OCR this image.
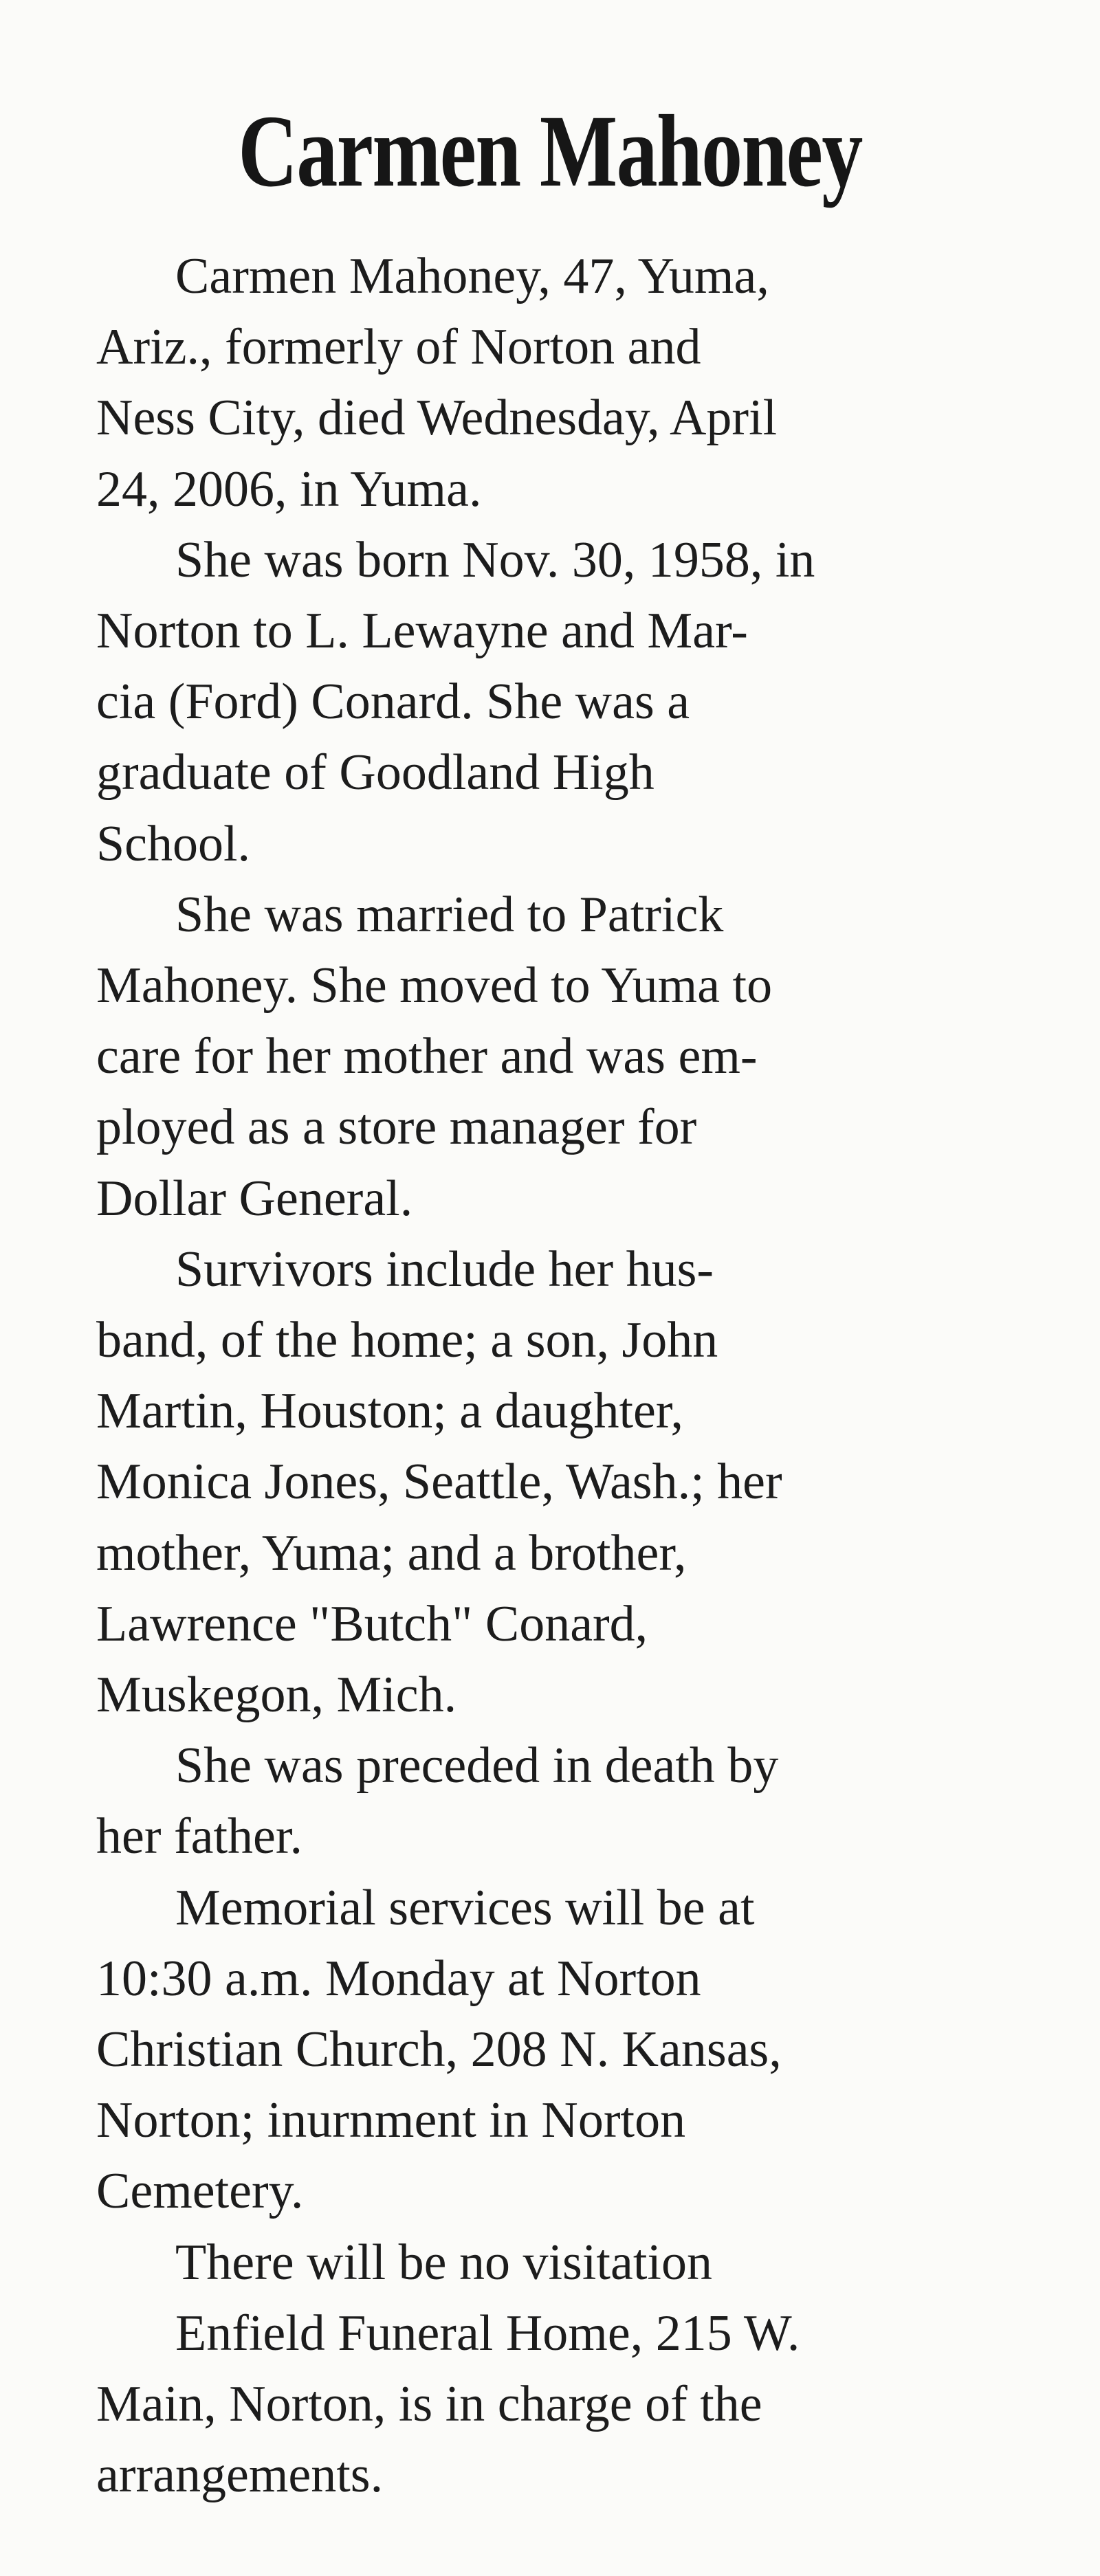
Carmen Mahoney
Carmen Mahoney, 47, Yuma,
Ariz., formerly of Norton and
Ness City, died Wednesday, April
24, 2006, in Yuma.
She was born Nov. 30, 1958, in
Norton to L. Lewayne and Mar-
cia (Ford) Conard. She was a
graduate of Goodland High
School.
She was married to Patrick
Mahoney. She moved to Yuma to
care for her mother and was em-
ployed as a store manager for
Dollar General.
Survivors include her hus-
band, of the home; a son, John
Martin, Houston; a daughter,
Monica Jones, Seattle, Wash.; her
mother, Yuma; and a brother,
Lawrence "Butch" Conard,
Muskegon, Mich.
She was preceded in death by
her father.
Memorial services will be at
10:30 a.m. Monday at Norton
Christian Church, 208 N. Kansas,
Norton; inurnment in Norton
Cemetery.
There will be no visitation
Enfield Funeral Home, 215 W.
Main, Norton, is in charge of the
arrangements.
